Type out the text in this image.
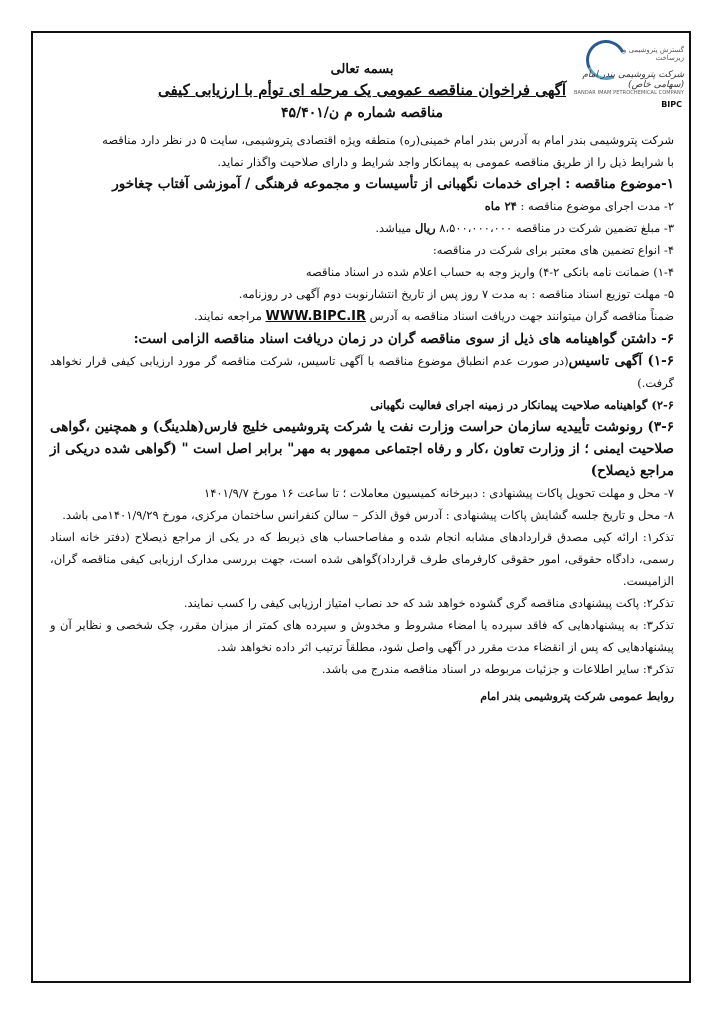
گسترش پتروشیمی و زیرساخت
شرکت پتروشیمی بندر امام (سهامی خاص)
BANDAR IMAM PETROCHEMICAL COMPANY
BIPC
بسمه تعالی
آگهی فراخوان مناقصه عمومی یک مرحله ای توأم با ارزیابی کیفی
مناقصه شماره م ن/۴۵/۴۰۱

شرکت پتروشیمی بندر امام به آدرس بندر امام خمینی(ره) منطقه ویژه اقتصادی پتروشیمی، سایت ۵ در نظر دارد مناقصه
با شرایط ذیل را از طریق مناقصه عمومی به پیمانکار واجد شرایط و دارای صلاحیت واگذار نماید.

۱-موضوع مناقصه : اجرای خدمات نگهبانی از تأسیسات و مجموعه فرهنگی / آموزشی آفتاب چغاخور

۲- مدت اجرای موضوع مناقصه : ۲۴ ماه

۳- مبلغ تضمین شرکت در مناقصه ۸،۵۰۰،۰۰۰،۰۰۰ ریال میباشد.

۴- انواع تضمین های معتبر برای شرکت در مناقصه:

۱-۴) ضمانت نامه بانکی ۲-۴) واریز وجه به حساب اعلام شده در اسناد مناقصه

۵- مهلت توزیع اسناد مناقصه : به مدت ۷ روز پس از تاریخ انتشارنوبت دوم آگهی در روزنامه.

ضمناً مناقصه گران میتوانند جهت دریافت اسناد مناقصه به آدرس WWW.BIPC.IR مراجعه نمایند.

۶- داشتن گواهینامه های ذیل از سوی مناقصه گران در زمان دریافت اسناد مناقصه الزامی است:

۱-۶) آگهی تاسیس(در صورت عدم انطباق موضوع مناقصه با آگهی تاسیس، شرکت مناقصه گر مورد ارزیابی کیفی قرار نخواهد گرفت.)

۲-۶) گواهینامه صلاحیت پیمانکار در زمینه اجرای فعالیت نگهبانی

۳-۶) رونوشت تأییدیه سازمان حراست وزارت نفت یا شرکت پتروشیمی خلیج فارس(هلدینگ) و همچنین ،گواهی صلاحیت ایمنی ؛ از وزارت تعاون ،کار و رفاه اجتماعی ممهور به مهر" برابر اصل است " (گواهی شده دریکی از مراجع ذیصلاح)

۷- محل و مهلت تحویل پاکات پیشنهادی : دبیرخانه کمیسیون معاملات ؛ تا ساعت ۱۶ مورخ ۱۴۰۱/۹/۷

۸- محل و تاریخ جلسه گشایش پاکات پیشنهادی : آدرس فوق الذکر – سالن کنفرانس ساختمان مرکزی، مورخ ۱۴۰۱/۹/۲۹می باشد.

تذکر۱: ارائه کپی مصدق قراردادهای مشابه انجام شده و مفاصاحساب های ذیربط که در یکی از مراجع ذیصلاح (دفتر خانه اسناد رسمی، دادگاه حقوقی، امور حقوقی کارفرمای طرف قرارداد)گواهی شده است، جهت بررسی مدارک ارزیابی کیفی مناقصه گران، الزامیست.

تذکر۲: پاکت پیشنهادی مناقصه گری گشوده خواهد شد که حد نصاب امتیاز ارزیابی کیفی را کسب نمایند.

تذکر۳: به پیشنهادهایی که فاقد سپرده یا امضاء مشروط و مخدوش و سپرده های کمتر از میزان مقرر، چک شخصی و نظایر آن و پیشنهادهایی که پس از انقضاء مدت مقرر در آگهی واصل شود، مطلقاً ترتیب اثر داده نخواهد شد.

تذکر۴: سایر اطلاعات و جزئیات مربوطه در اسناد مناقصه مندرج می باشد.

روابط عمومی شرکت پتروشیمی بندر امام
